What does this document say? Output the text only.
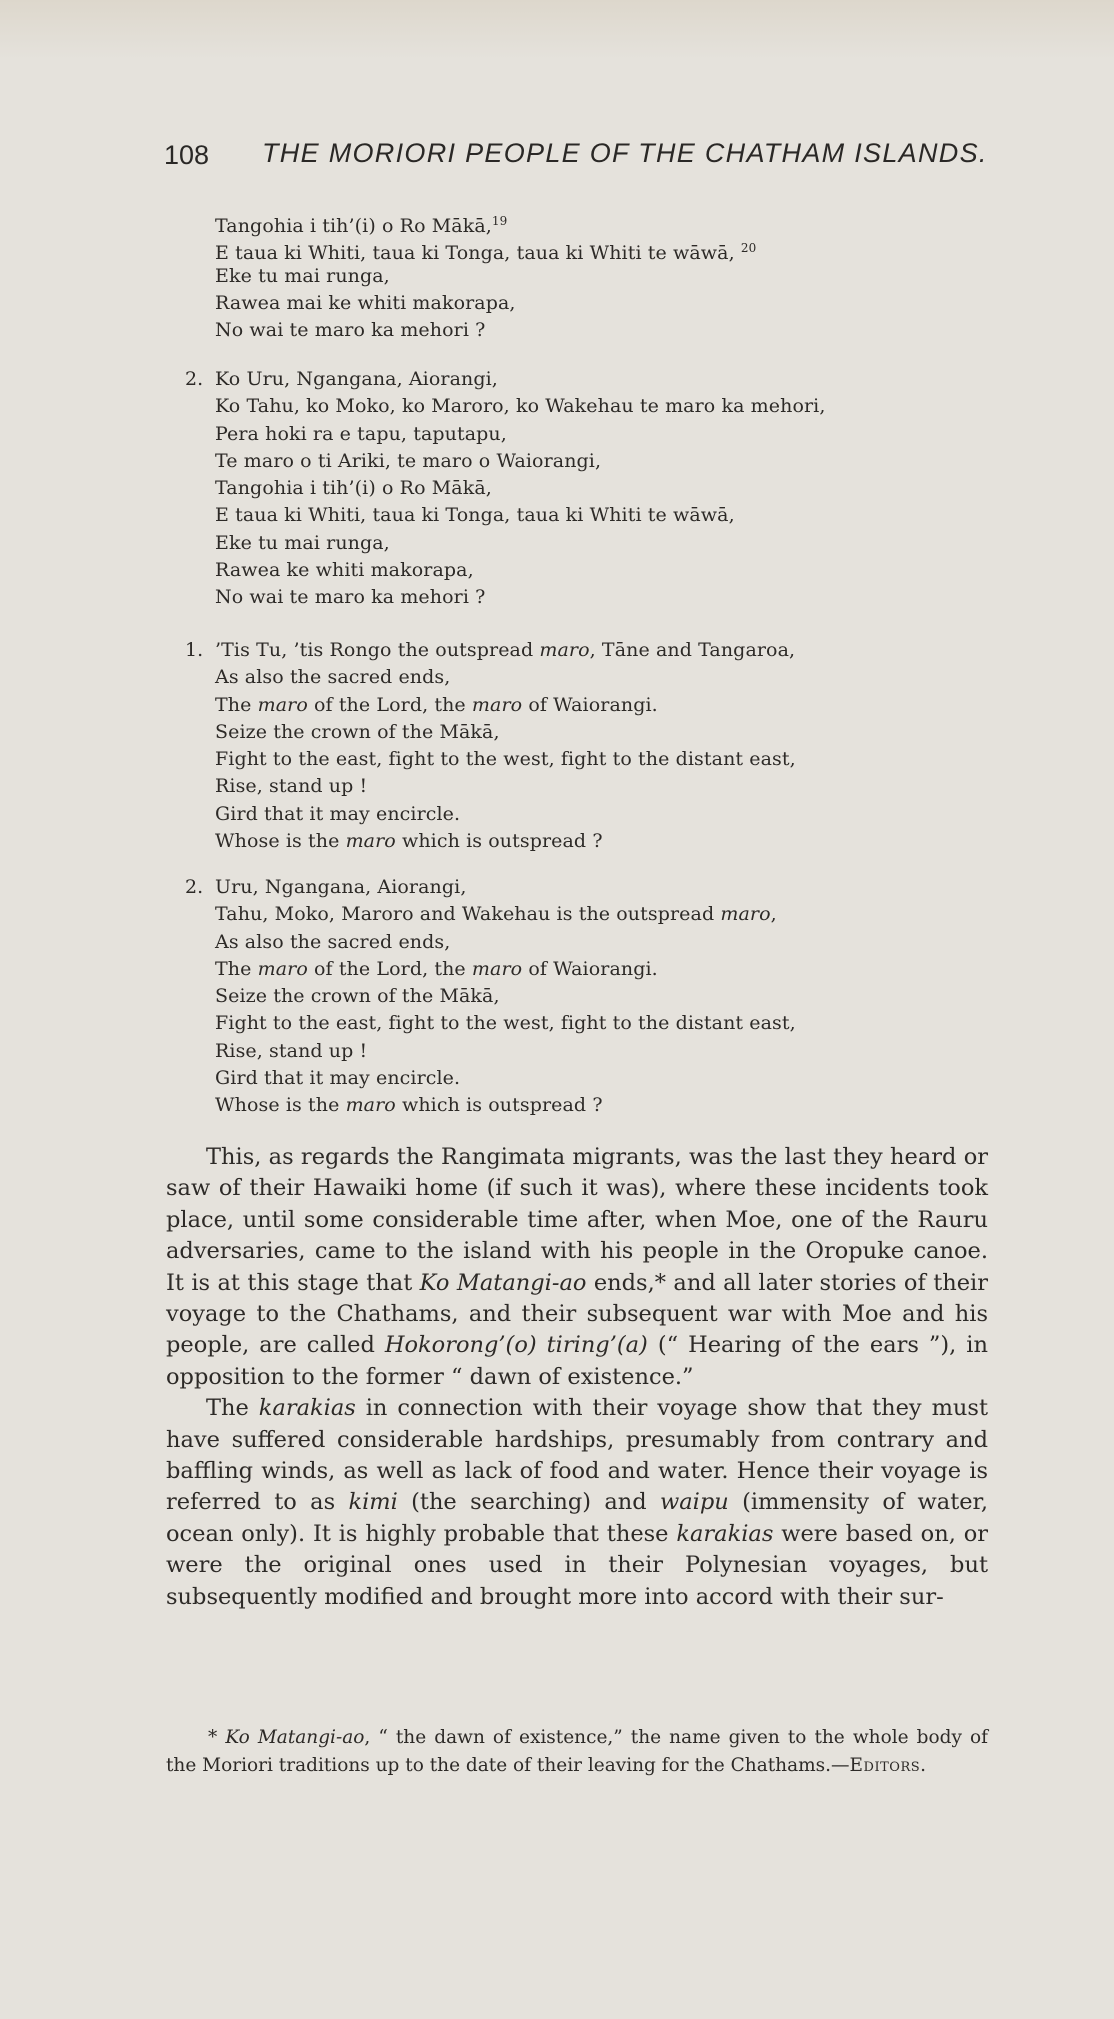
108 THE MORIORI PEOPLE OF THE CHATHAM ISLANDS.
Tangohia i tih’(i) o Ro Mākā,$^{19}$
E taua ki Whiti, taua ki Tonga, taua ki Whiti te wāwā, $^{20}$
Eke tu mai runga,
Rawea mai ke whiti makorapa,
No wai te maro ka mehori ?
2. Ko Uru, Ngangana, Aiorangi,
Ko Tahu, ko Moko, ko Maroro, ko Wakehau te maro ka mehori,
Pera hoki ra e tapu, taputapu,
Te maro o ti Ariki, te maro o Waiorangi,
Tangohia i tih’(i) o Ro Mākā,
E taua ki Whiti, taua ki Tonga, taua ki Whiti te wāwā,
Eke tu mai runga,
Rawea ke whiti makorapa,
No wai te maro ka mehori ?
1. ’Tis Tu, ’tis Rongo the outspread maro, Tāne and Tangaroa,
As also the sacred ends,
The maro of the Lord, the maro of Waiorangi.
Seize the crown of the Mākā,
Fight to the east, fight to the west, fight to the distant east,
Rise, stand up !
Gird that it may encircle.
Whose is the maro which is outspread ?
2. Uru, Ngangana, Aiorangi,
Tahu, Moko, Maroro and Wakehau is the outspread maro,
As also the sacred ends,
The maro of the Lord, the maro of Waiorangi.
Seize the crown of the Mākā,
Fight to the east, fight to the west, fight to the distant east,
Rise, stand up !
Gird that it may encircle.
Whose is the maro which is outspread ?

This, as regards the Rangimata migrants, was the last they heard or saw of their Hawaiki home (if such it was), where these incidents took place, until some considerable time after, when Moe, one of the Rauru adversaries, came to the island with his people in the Oropuke canoe. It is at this stage that Ko Matangi-ao ends,* and all later stories of their voyage to the Chathams, and their subsequent war with Moe and his people, are called Hokorong’(o) tiring’(a) (“ Hearing of the ears ”), in opposition to the former “ dawn of existence.”

The karakias in connection with their voyage show that they must have suffered considerable hardships, presumably from contrary and baffling winds, as well as lack of food and water. Hence their voyage is referred to as kimi (the searching) and waipu (immensity of water, ocean only). It is highly probable that these karakias were based on, or were the original ones used in their Polynesian voyages, but subsequently modified and brought more into accord with their sur-

* Ko Matangi-ao, “ the dawn of existence,” the name given to the whole body of the Moriori traditions up to the date of their leaving for the Chathams.—Editors.
